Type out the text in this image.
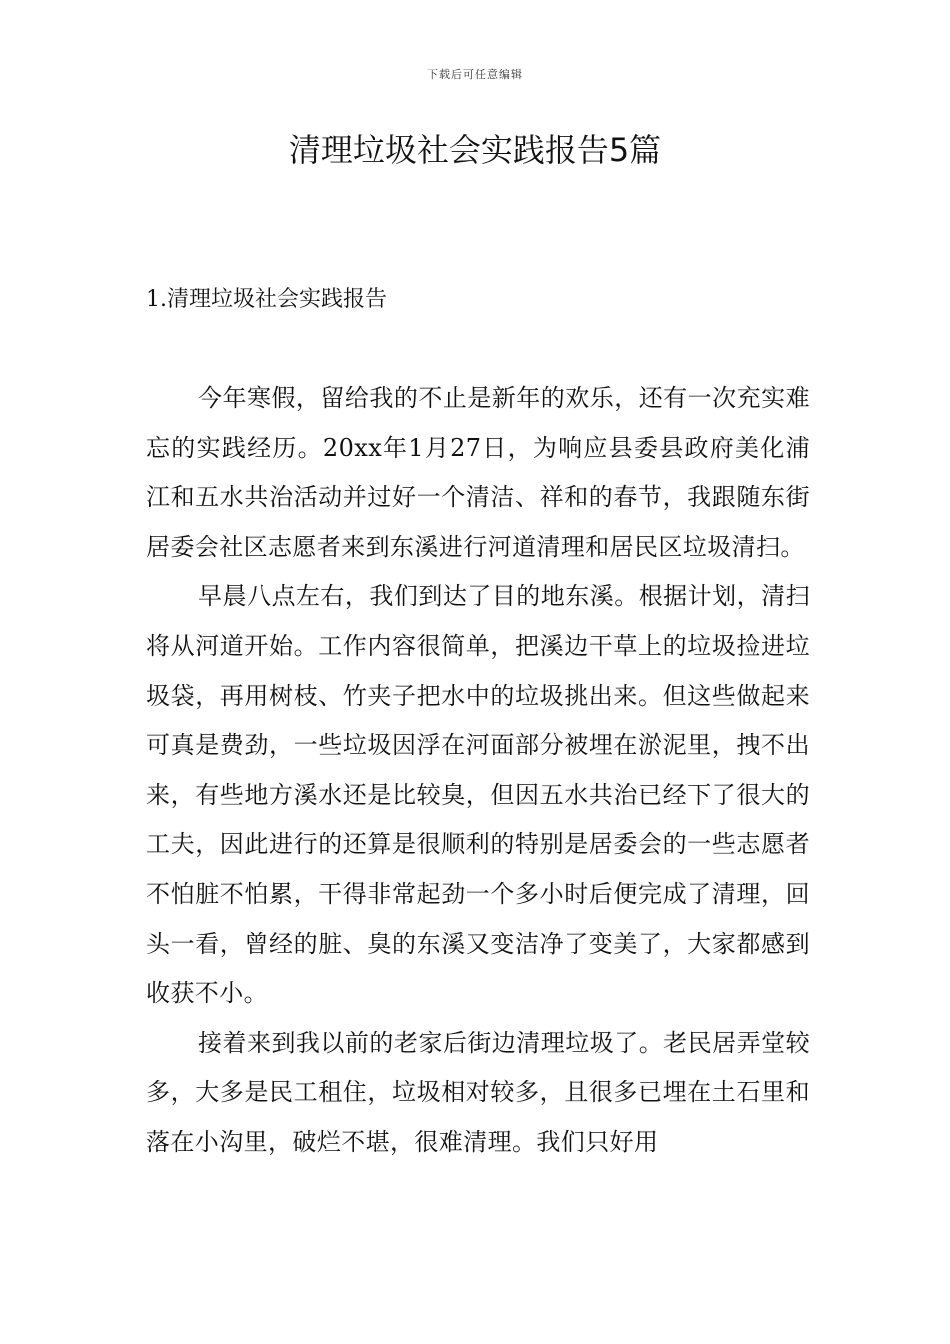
下载后可任意编辑
清理垃圾社会实践报告5篇
1.清理垃圾社会实践报告

今年寒假，留给我的不止是新年的欢乐，还有一次充实难忘的实践经历。20xx年1月27日，为响应县委县政府美化浦江和五水共治活动并过好一个清洁、祥和的春节，我跟随东街居委会社区志愿者来到东溪进行河道清理和居民区垃圾清扫。

早晨八点左右，我们到达了目的地东溪。根据计划，清扫将从河道开始。工作内容很简单，把溪边干草上的垃圾捡进垃圾袋，再用树枝、竹夹子把水中的垃圾挑出来。但这些做起来可真是费劲，一些垃圾因浮在河面部分被埋在淤泥里，拽不出来，有些地方溪水还是比较臭，但因五水共治已经下了很大的工夫，因此进行的还算是很顺利的特别是居委会的一些志愿者不怕脏不怕累，干得非常起劲一个多小时后便完成了清理，回头一看，曾经的脏、臭的东溪又变洁净了变美了，大家都感到收获不小。

接着来到我以前的老家后街边清理垃圾了。老民居弄堂较多，大多是民工租住，垃圾相对较多，且很多已埋在土石里和落在小沟里，破烂不堪，很难清理。我们只好用
